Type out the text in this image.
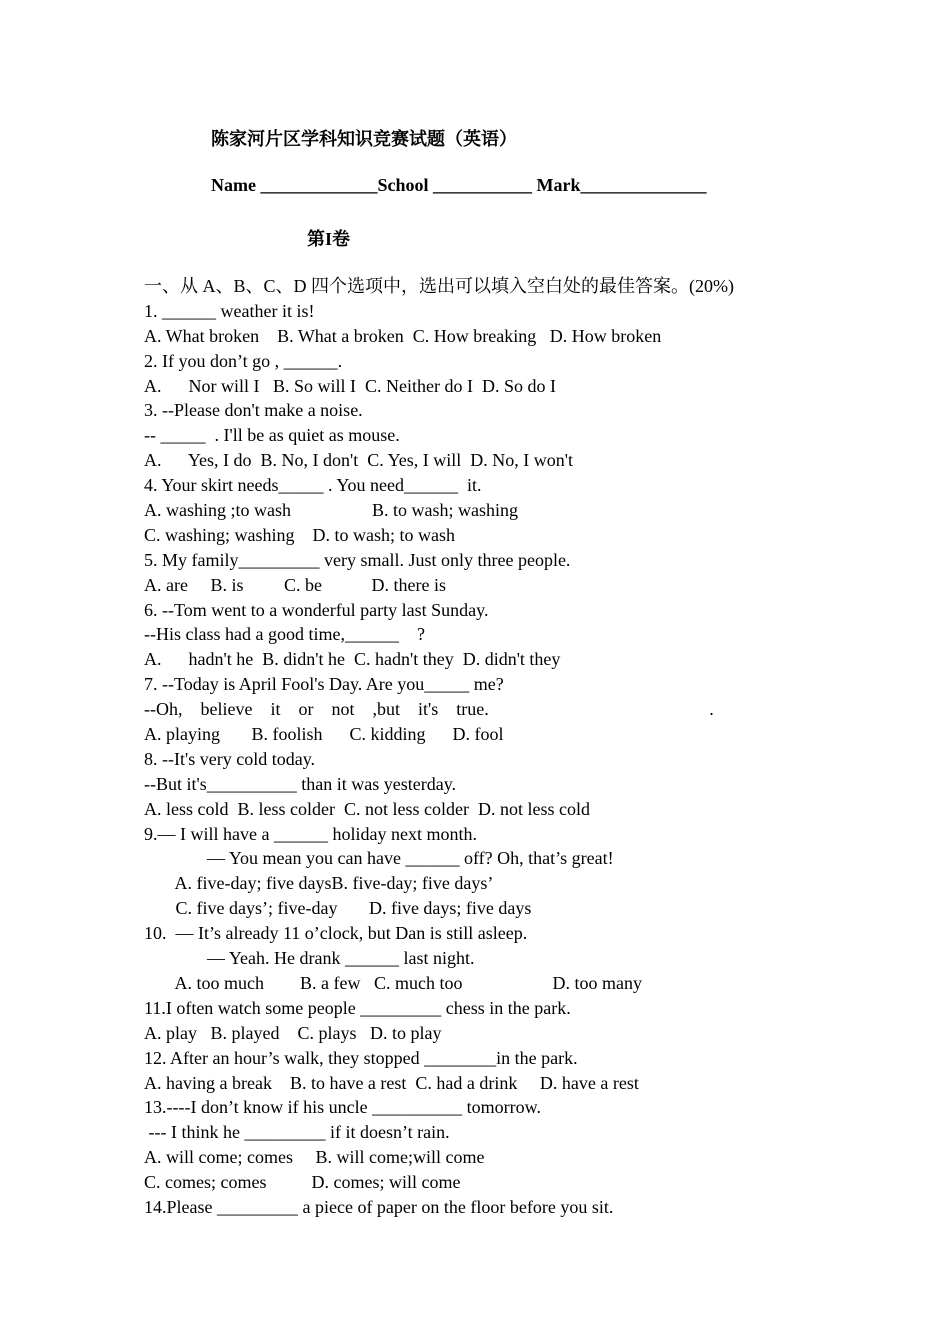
陈家河片区学科知识竞赛试题（英语）
Name _____________School ___________ Mark______________
第I卷
一、从 A、B、C、D 四个选项中，选出可以填入空白处的最佳答案。(20%)
1. ______ weather it is!
A. What broken    B. What a broken  C. How breaking   D. How broken
2. If you don’t go , ______.
A.      Nor will I   B. So will I  C. Neither do I  D. So do I
3. --Please don't make a noise.
-- _____  . I'll be as quiet as mouse.
A.      Yes, I do  B. No, I don't  C. Yes, I will  D. No, I won't
4. Your skirt needs_____ . You need______  it.
A. washing ;to wash                  B. to wash; washing
C. washing; washing    D. to wash; to wash
5. My family_________ very small. Just only three people.
A. are     B. is         C. be           D. there is
6. --Tom went to a wonderful party last Sunday.
--His class had a good time,______    ?
A.      hadn't he  B. didn't he  C. hadn't they  D. didn't they
7. --Today is April Fool's Day. Are you_____ me?
--Oh,    believe    it    or    not    ,but    it's    true.                                                 .
A. playing       B. foolish      C. kidding      D. fool
8. --It's very cold today.
--But it's__________ than it was yesterday.
A. less cold  B. less colder  C. not less colder  D. not less cold
9.— I will have a ______ holiday next month.
— You mean you can have ______ off? Oh, that’s great!
A. five-day; five daysB. five-day; five days’
C. five days’; five-day       D. five days; five days
10.  — It’s already 11 o’clock, but Dan is still asleep.
— Yeah. He drank ______ last night.
A. too much        B. a few   C. much too                    D. too many
11.I often watch some people _________ chess in the park.
A. play   B. played    C. plays   D. to play
12. After an hour’s walk, they stopped ________in the park.
A. having a break    B. to have a rest  C. had a drink     D. have a rest
13.----I don’t know if his uncle __________ tomorrow.
--- I think he _________ if it doesn’t rain.
A. will come; comes     B. will come;will come
C. comes; comes          D. comes; will come
14.Please _________ a piece of paper on the floor before you sit.
